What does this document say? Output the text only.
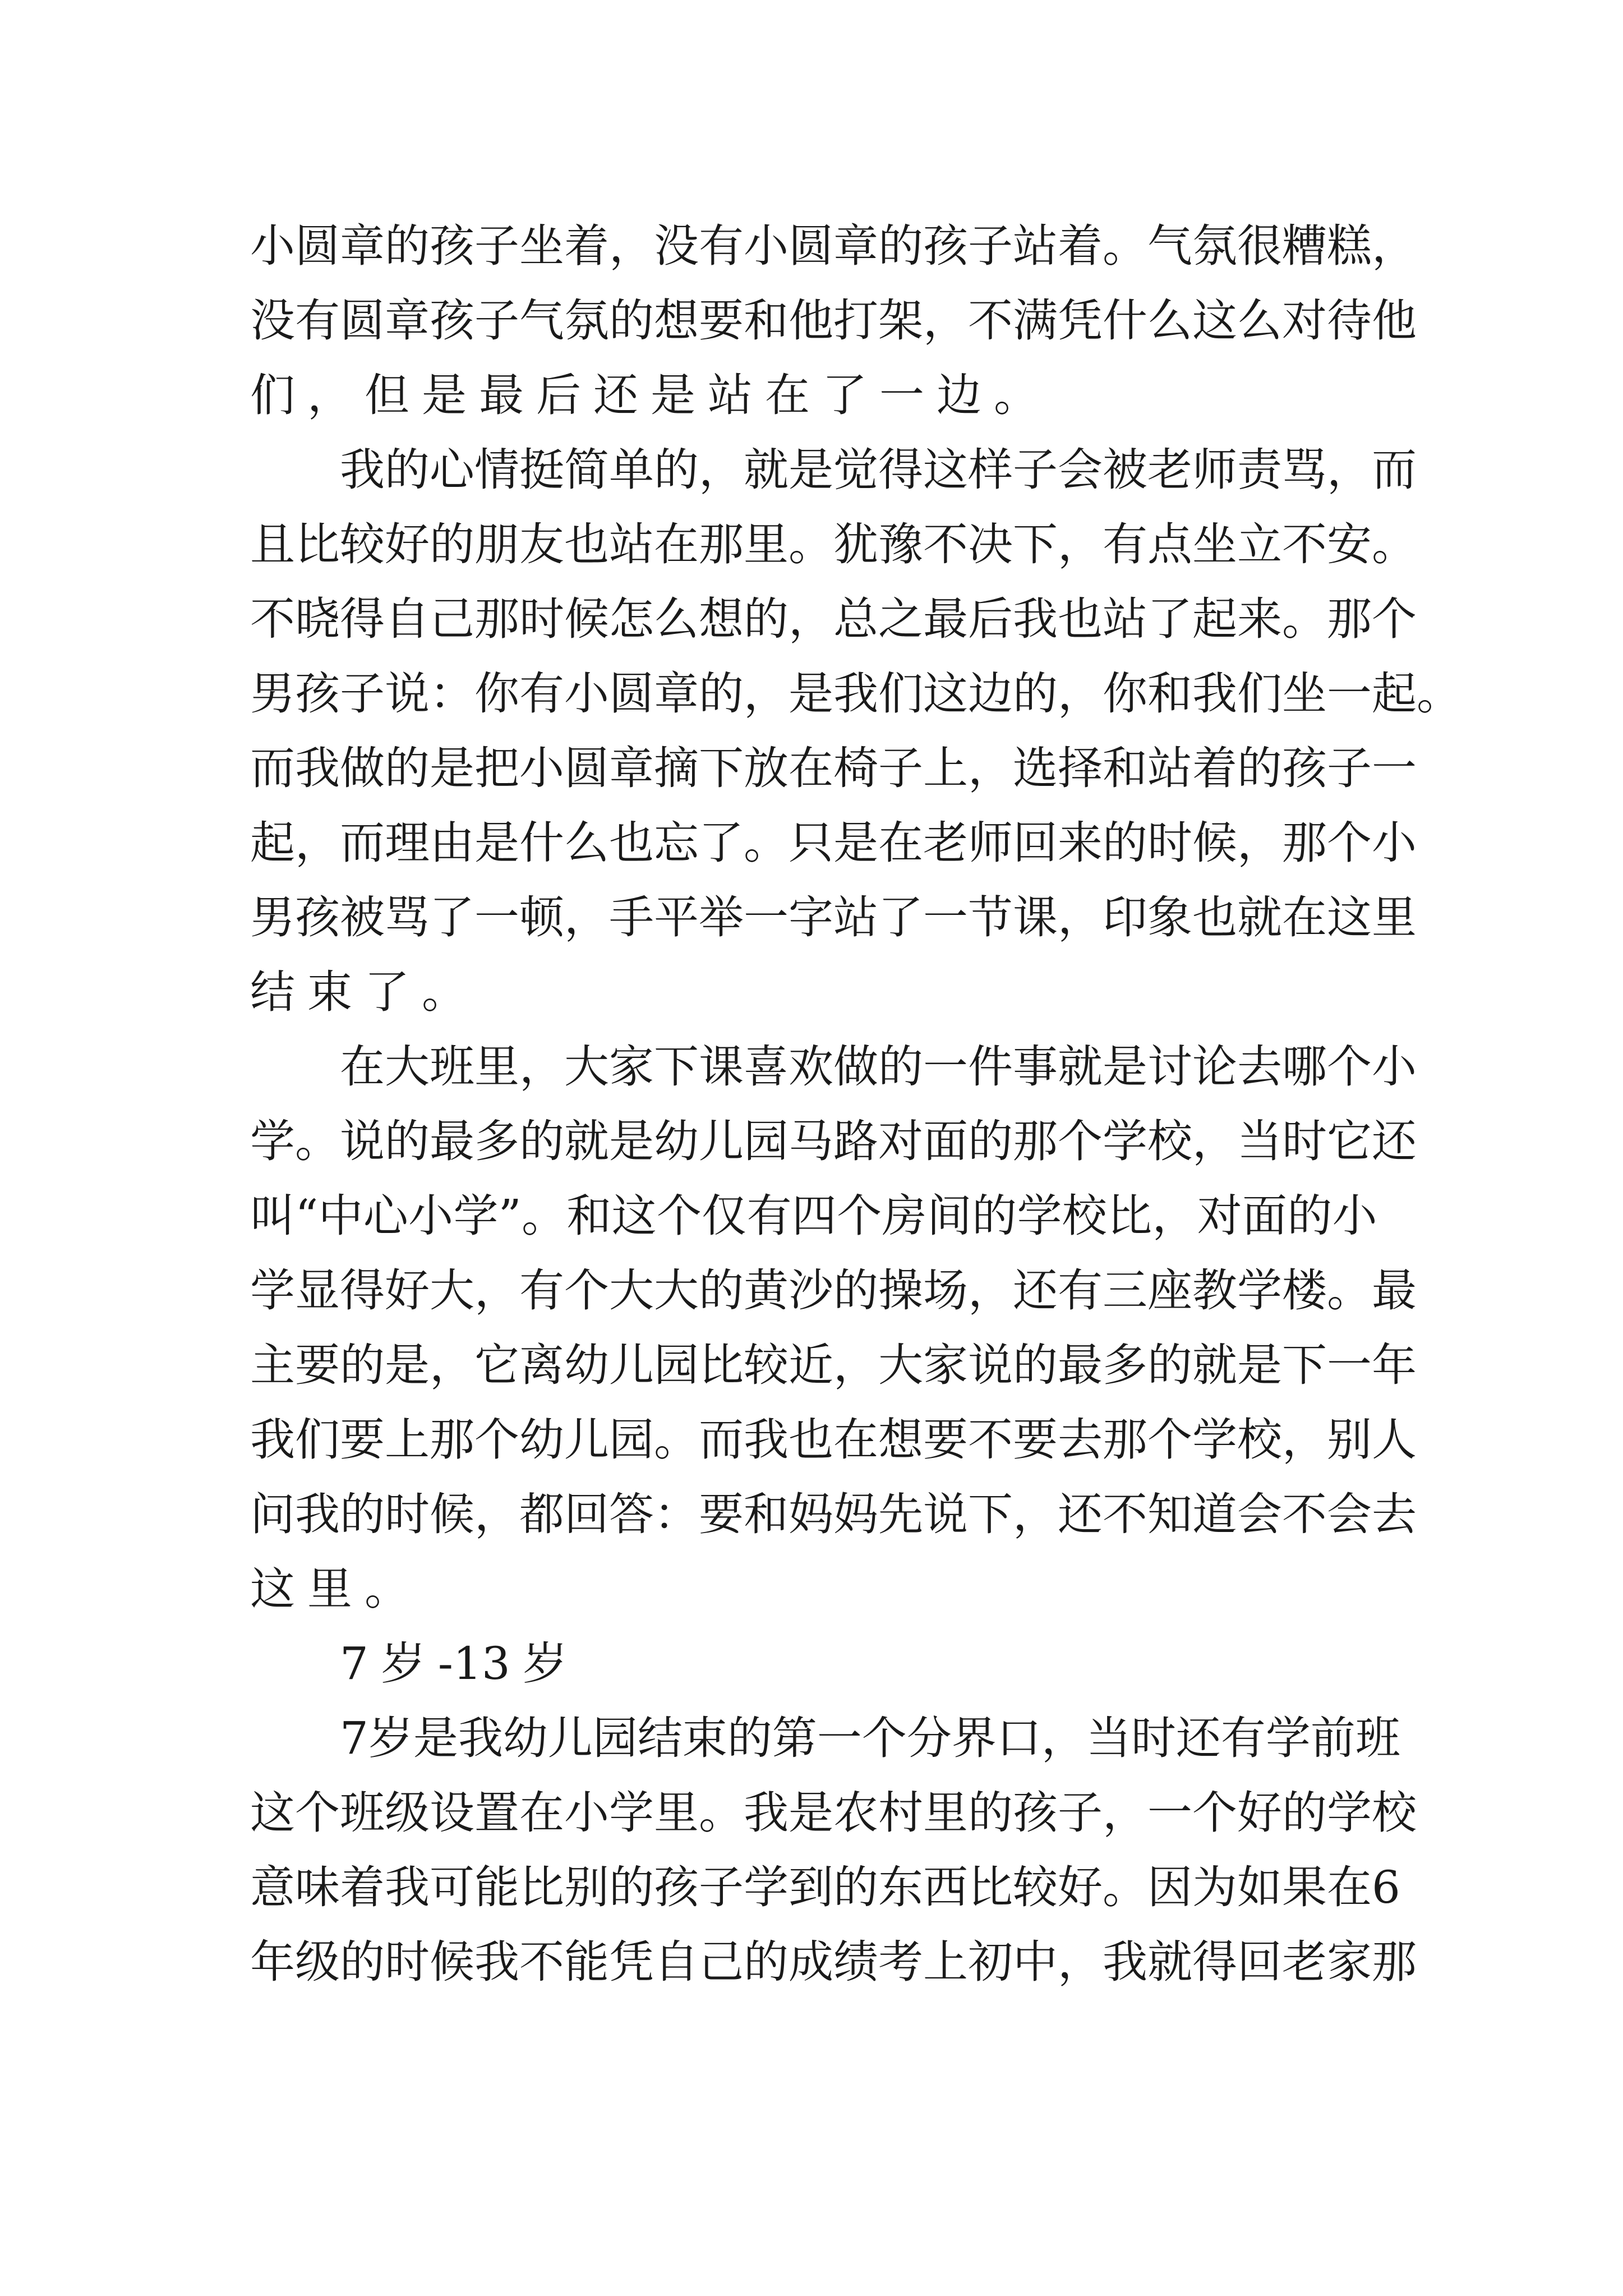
小 圆 章 的 孩 子 坐 着 ， 没 有 小 圆 章 的 孩 子 站 着 。 气 氛 很 糟 糕 ，
没 有 圆 章 孩 子 气 氛 的 想 要 和 他 打 架 ， 不 满 凭 什 么 这 么 对 待 他
们 ， 但 是 最 后 还 是 站 在 了 一 边 。
我 的 心 情 挺 简 单 的 ， 就 是 觉 得 这 样 子 会 被 老 师 责 骂 ， 而
且 比 较 好 的 朋 友 也 站 在 那 里 。 犹 豫 不 决 下 ， 有 点 坐 立 不 安 。
不 晓 得 自 己 那 时 候 怎 么 想 的 ， 总 之 最 后 我 也 站 了 起 来 。 那 个
男 孩 子 说 ： 你 有 小 圆 章 的 ， 是 我 们 这 边 的 ， 你 和 我 们 坐 一 起 。
而 我 做 的 是 把 小 圆 章 摘 下 放 在 椅 子 上 ， 选 择 和 站 着 的 孩 子 一
起 ， 而 理 由 是 什 么 也 忘 了 。 只 是 在 老 师 回 来 的 时 候 ， 那 个 小
男 孩 被 骂 了 一 顿 ， 手 平 举 一 字 站 了 一 节 课 ， 印 象 也 就 在 这 里
结 束 了 。
在 大 班 里 ， 大 家 下 课 喜 欢 做 的 一 件 事 就 是 讨 论 去 哪 个 小
学 。 说 的 最 多 的 就 是 幼 儿 园 马 路 对 面 的 那 个 学 校 ， 当 时 它 还
叫 “ 中 心 小 学 ” 。 和 这 个 仅 有 四 个 房 间 的 学 校 比 ， 对 面 的 小
学 显 得 好 大 ， 有 个 大 大 的 黄 沙 的 操 场 ， 还 有 三 座 教 学 楼 。 最
主 要 的 是 ， 它 离 幼 儿 园 比 较 近 ， 大 家 说 的 最 多 的 就 是 下 一 年
我 们 要 上 那 个 幼 儿 园 。 而 我 也 在 想 要 不 要 去 那 个 学 校 ， 别 人
问 我 的 时 候 ， 都 回 答 ： 要 和 妈 妈 先 说 下 ， 还 不 知 道 会 不 会 去
这 里 。
7 岁 -13 岁
7 岁 是 我 幼 儿 园 结 束 的 第 一 个 分 界 口 ， 当 时 还 有 学 前 班
这 个 班 级 设 置 在 小 学 里 。 我 是 农 村 里 的 孩 子 ， 一 个 好 的 学 校
意 味 着 我 可 能 比 别 的 孩 子 学 到 的 东 西 比 较 好 。 因 为 如 果 在 6
年 级 的 时 候 我 不 能 凭 自 己 的 成 绩 考 上 初 中 ， 我 就 得 回 老 家 那
